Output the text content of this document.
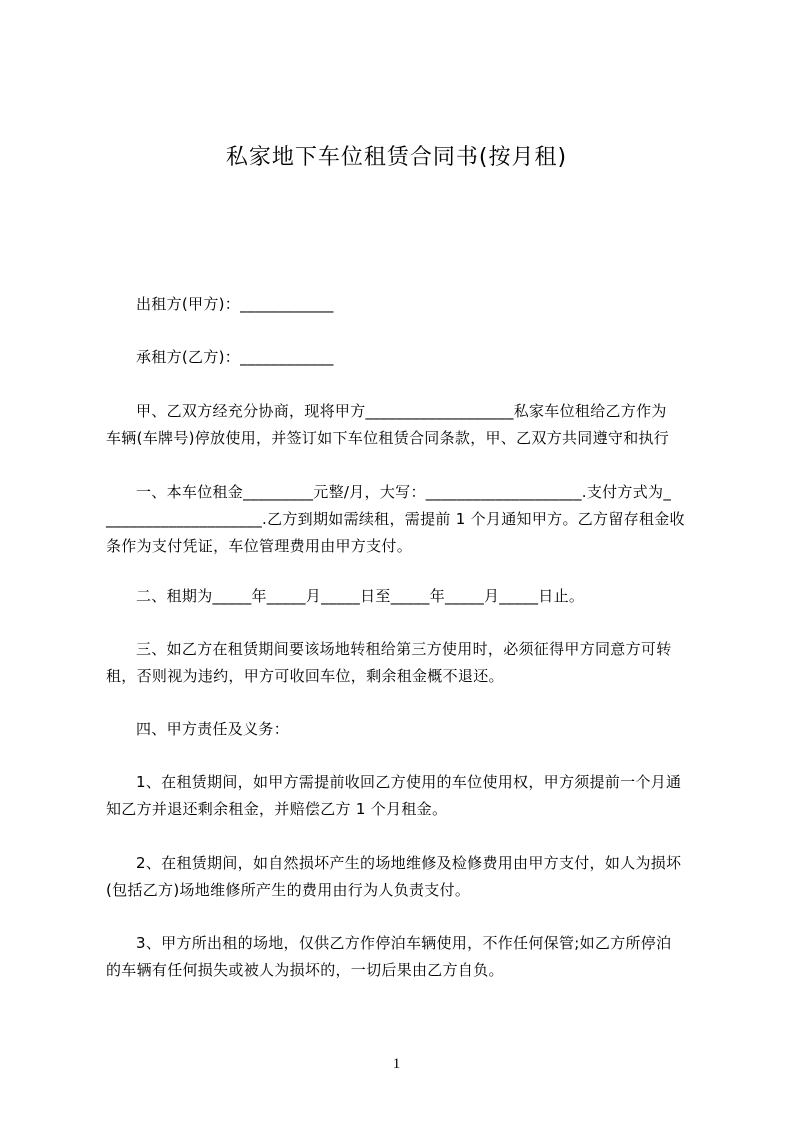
私家地下车位租赁合同书(按月租)
出租方(甲方)：____________
承租方(乙方)：____________
甲、乙双方经充分协商，现将甲方___________________私家车位租给乙方作为
车辆(车牌号)停放使用，并签订如下车位租赁合同条款，甲、乙双方共同遵守和执行
一、本车位租金_________元整/月，大写：____________________.支付方式为_
____________________.乙方到期如需续租，需提前 1 个月通知甲方。乙方留存租金收
条作为支付凭证，车位管理费用由甲方支付。
二、租期为_____年_____月_____日至_____年_____月_____日止。
三、如乙方在租赁期间要该场地转租给第三方使用时，必须征得甲方同意方可转
租，否则视为违约，甲方可收回车位，剩余租金概不退还。
四、甲方责任及义务：
1、在租赁期间，如甲方需提前收回乙方使用的车位使用权，甲方须提前一个月通
知乙方并退还剩余租金，并赔偿乙方 1 个月租金。
2、在租赁期间，如自然损坏产生的场地维修及检修费用由甲方支付，如人为损坏
(包括乙方)场地维修所产生的费用由行为人负责支付。
3、甲方所出租的场地，仅供乙方作停泊车辆使用，不作任何保管;如乙方所停泊
的车辆有任何损失或被人为损坏的，一切后果由乙方自负。
1
